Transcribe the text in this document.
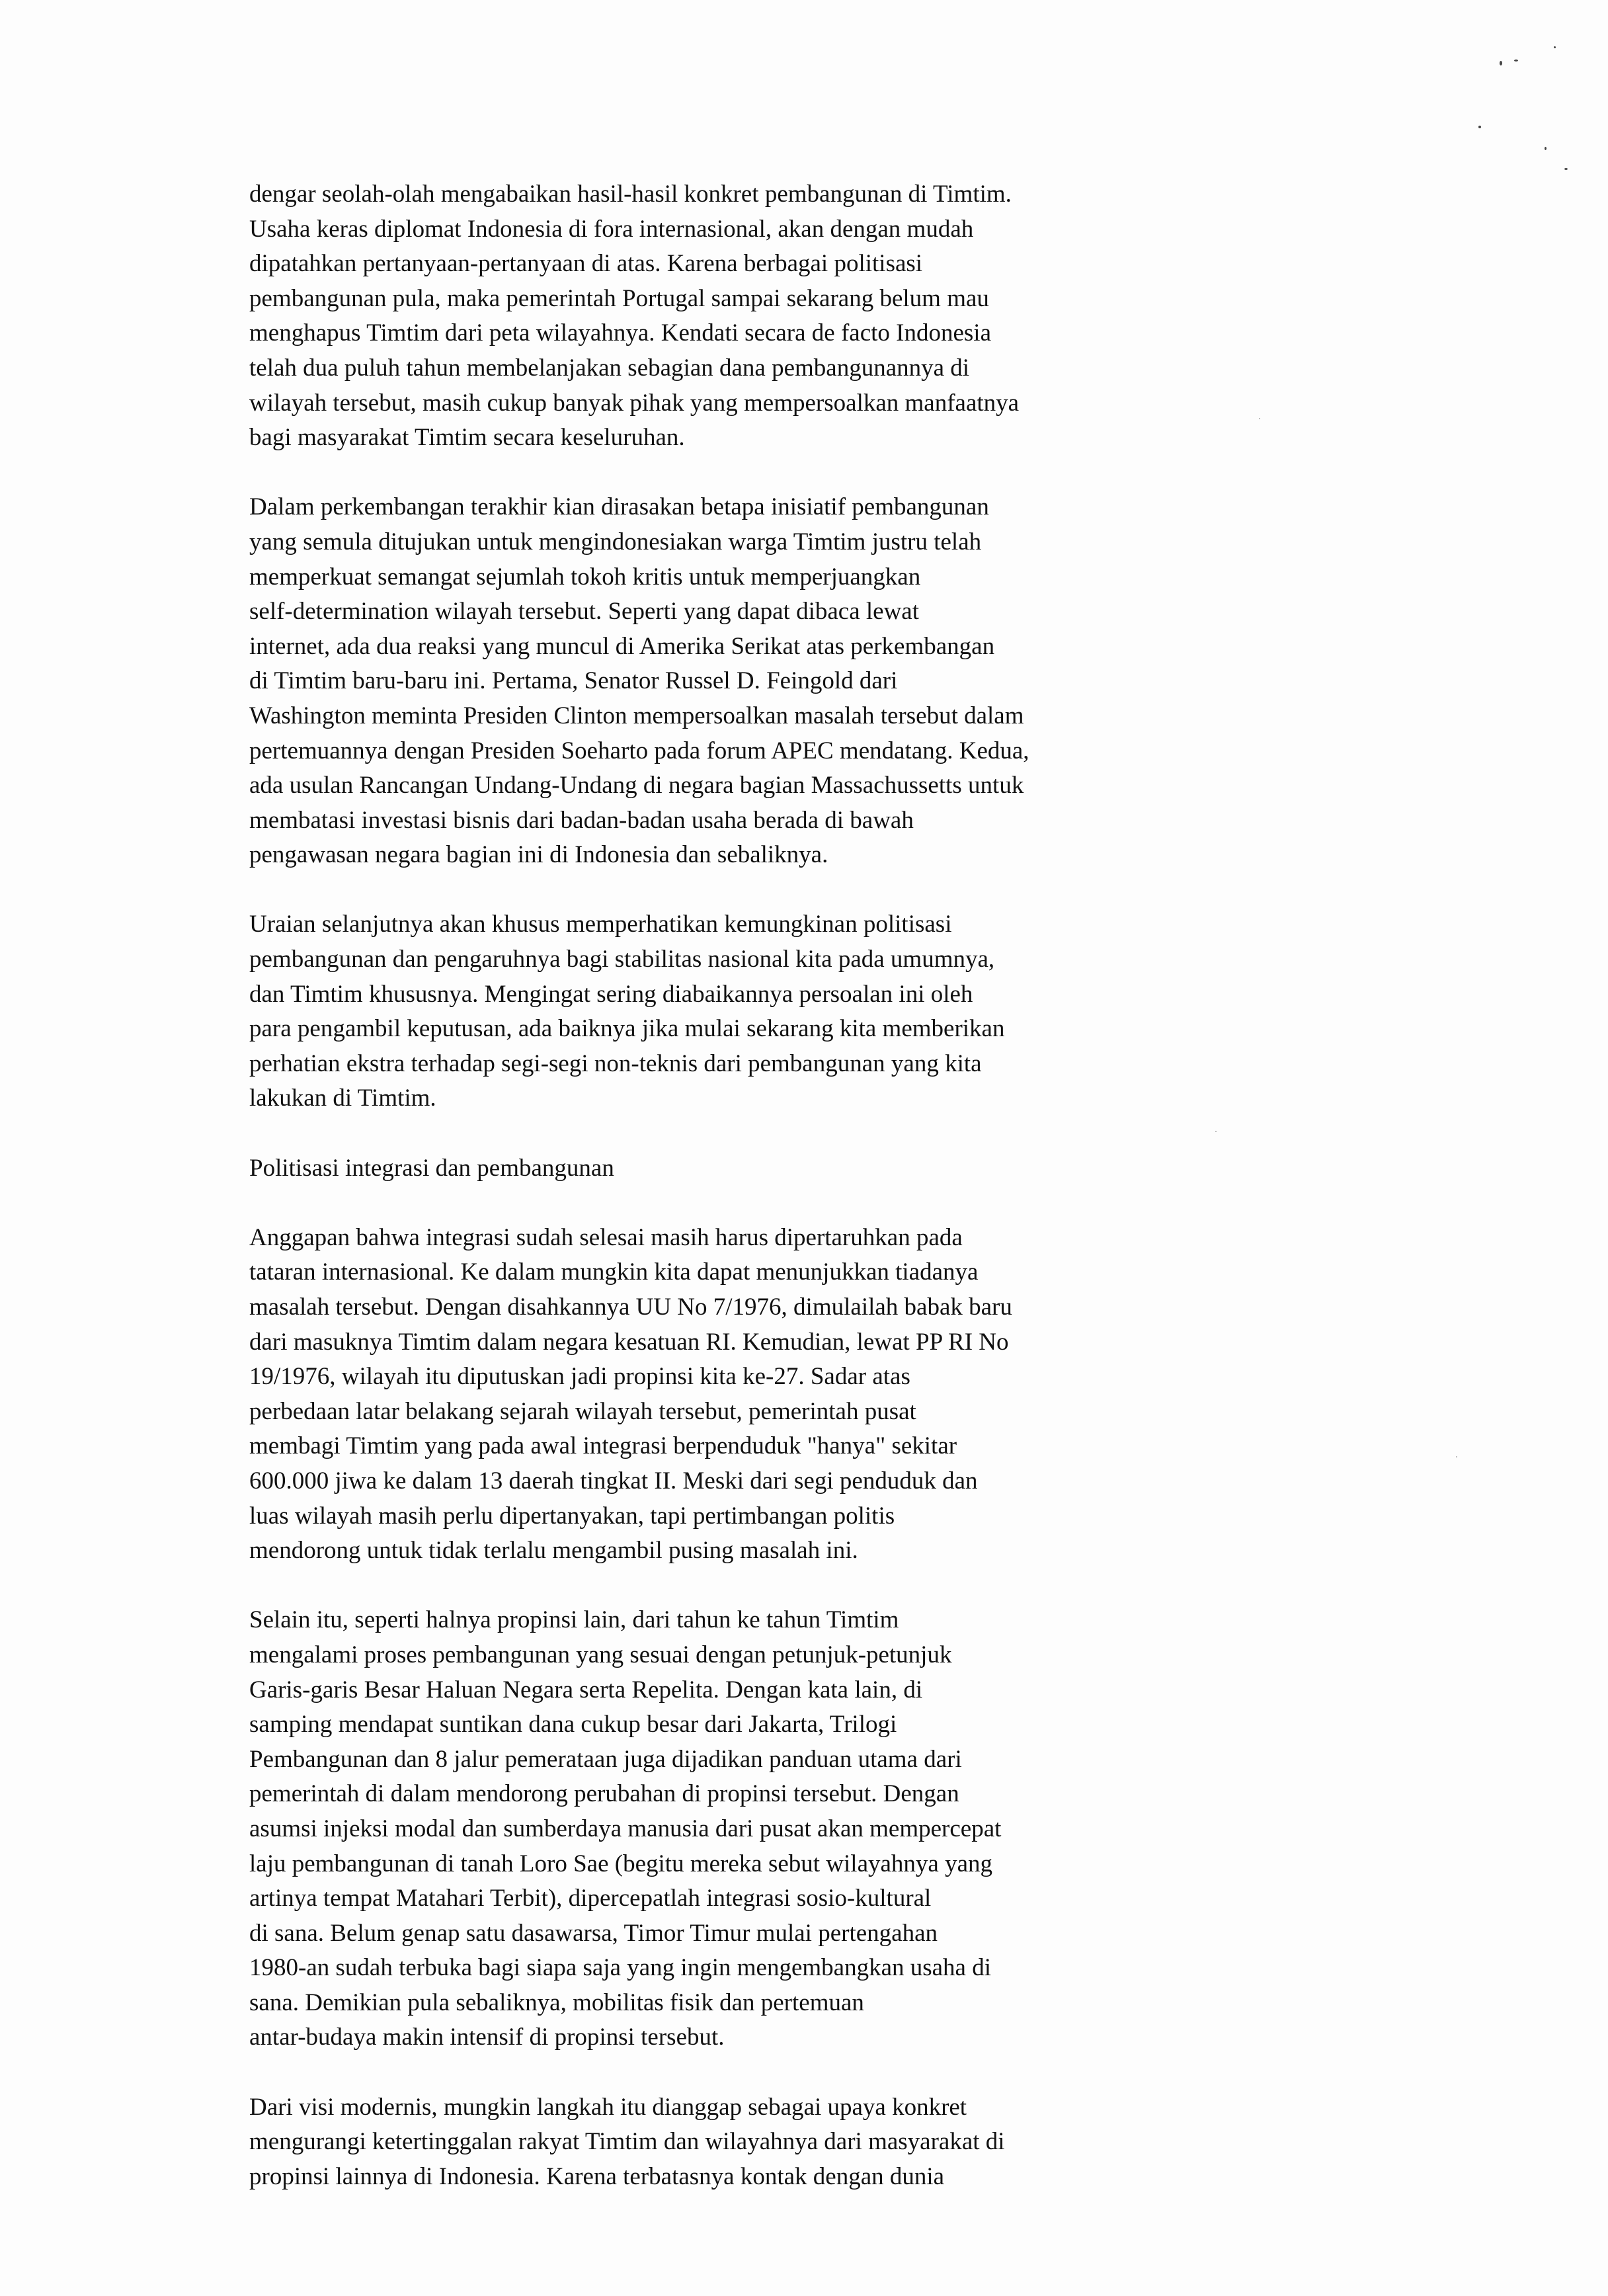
dengar seolah-olah mengabaikan hasil-hasil konkret pembangunan di Timtim.
Usaha keras diplomat Indonesia di fora internasional, akan dengan mudah
dipatahkan pertanyaan-pertanyaan di atas. Karena berbagai politisasi
pembangunan pula, maka pemerintah Portugal sampai sekarang belum mau
menghapus Timtim dari peta wilayahnya. Kendati secara de facto Indonesia
telah dua puluh tahun membelanjakan sebagian dana pembangunannya di
wilayah tersebut, masih cukup banyak pihak yang mempersoalkan manfaatnya
bagi masyarakat Timtim secara keseluruhan.
Dalam perkembangan terakhir kian dirasakan betapa inisiatif pembangunan
yang semula ditujukan untuk mengindonesiakan warga Timtim justru telah
memperkuat semangat sejumlah tokoh kritis untuk memperjuangkan
self-determination wilayah tersebut. Seperti yang dapat dibaca lewat
internet, ada dua reaksi yang muncul di Amerika Serikat atas perkembangan
di Timtim baru-baru ini. Pertama, Senator Russel D. Feingold dari
Washington meminta Presiden Clinton mempersoalkan masalah tersebut dalam
pertemuannya dengan Presiden Soeharto pada forum APEC mendatang. Kedua,
ada usulan Rancangan Undang-Undang di negara bagian Massachussetts untuk
membatasi investasi bisnis dari badan-badan usaha berada di bawah
pengawasan negara bagian ini di Indonesia dan sebaliknya.
Uraian selanjutnya akan khusus memperhatikan kemungkinan politisasi
pembangunan dan pengaruhnya bagi stabilitas nasional kita pada umumnya,
dan Timtim khususnya. Mengingat sering diabaikannya persoalan ini oleh
para pengambil keputusan, ada baiknya jika mulai sekarang kita memberikan
perhatian ekstra terhadap segi-segi non-teknis dari pembangunan yang kita
lakukan di Timtim.
Politisasi integrasi dan pembangunan
Anggapan bahwa integrasi sudah selesai masih harus dipertaruhkan pada
tataran internasional. Ke dalam mungkin kita dapat menunjukkan tiadanya
masalah tersebut. Dengan disahkannya UU No 7/1976, dimulailah babak baru
dari masuknya Timtim dalam negara kesatuan RI. Kemudian, lewat PP RI No
19/1976, wilayah itu diputuskan jadi propinsi kita ke-27. Sadar atas
perbedaan latar belakang sejarah wilayah tersebut, pemerintah pusat
membagi Timtim yang pada awal integrasi berpenduduk "hanya" sekitar
600.000 jiwa ke dalam 13 daerah tingkat II. Meski dari segi penduduk dan
luas wilayah masih perlu dipertanyakan, tapi pertimbangan politis
mendorong untuk tidak terlalu mengambil pusing masalah ini.
Selain itu, seperti halnya propinsi lain, dari tahun ke tahun Timtim
mengalami proses pembangunan yang sesuai dengan petunjuk-petunjuk
Garis-garis Besar Haluan Negara serta Repelita. Dengan kata lain, di
samping mendapat suntikan dana cukup besar dari Jakarta, Trilogi
Pembangunan dan 8 jalur pemerataan juga dijadikan panduan utama dari
pemerintah di dalam mendorong perubahan di propinsi tersebut. Dengan
asumsi injeksi modal dan sumberdaya manusia dari pusat akan mempercepat
laju pembangunan di tanah Loro Sae (begitu mereka sebut wilayahnya yang
artinya tempat Matahari Terbit), dipercepatlah integrasi sosio-kultural
di sana. Belum genap satu dasawarsa, Timor Timur mulai pertengahan
1980-an sudah terbuka bagi siapa saja yang ingin mengembangkan usaha di
sana. Demikian pula sebaliknya, mobilitas fisik dan pertemuan
antar-budaya makin intensif di propinsi tersebut.
Dari visi modernis, mungkin langkah itu dianggap sebagai upaya konkret
mengurangi ketertinggalan rakyat Timtim dan wilayahnya dari masyarakat di
propinsi lainnya di Indonesia. Karena terbatasnya kontak dengan dunia
